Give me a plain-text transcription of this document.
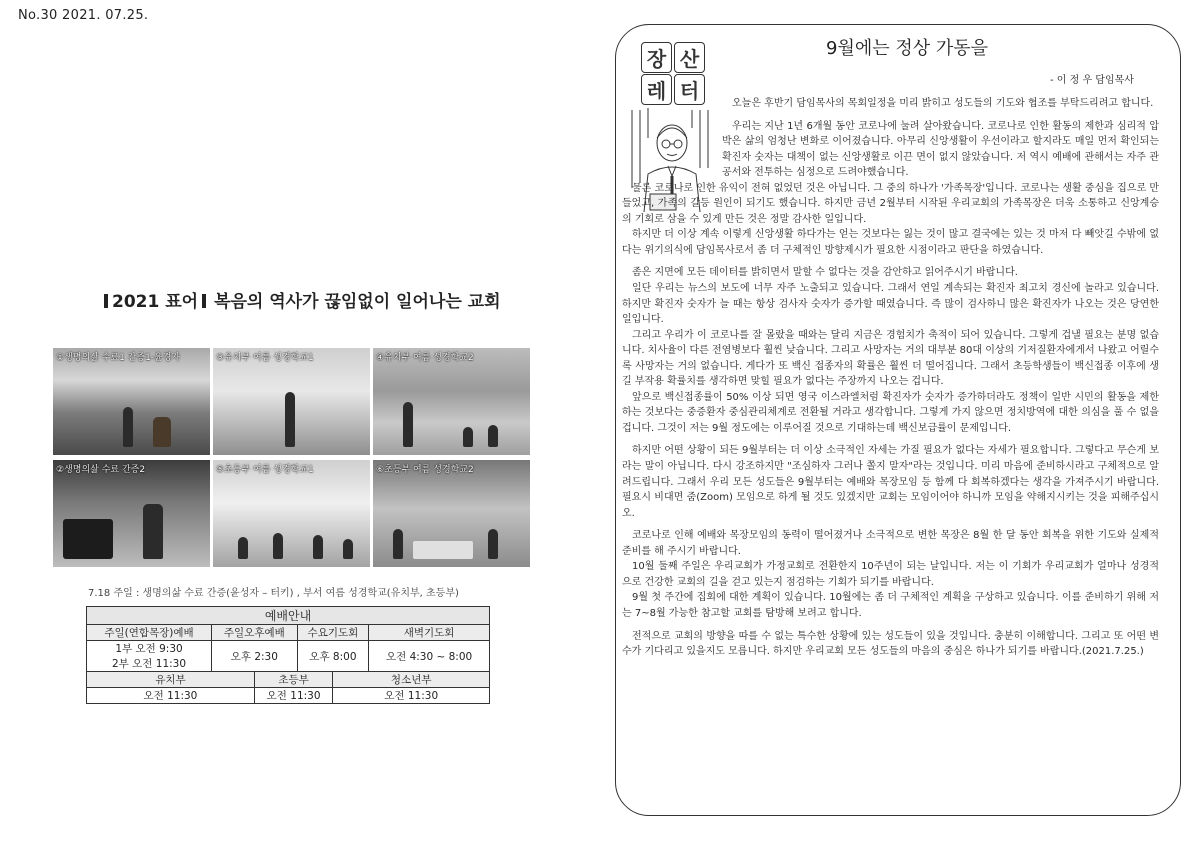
No.30 2021. 07.25.
2021 표어 복음의 역사가 끊임없이 일어나는 교회
①생명의삶 수료1 간증1-윤경자	③유치부 여름 성경학교1	④유치부 여름 성경학교2
②생명의삶 수료 간증2	⑤초등부 여름 성경학교1	⑥초등부 여름 성경학교2
7.18 주일 : 생명의삶 수료 간증(윤성자 – 터키) , 부서 여름 성경학교(유치부, 초등부)
예배안내					
주일(연합목장)예배	주일오후예배		수요기도회		새벽기도회

1부 오전 9:30
2부 오전 11:30	오후 2:30		오후 8:00		오전 4:30 ~ 8:00
유치부		초등부		청소년부	
오전 11:30		오전 11:30		오전 11:30	
장 산
레 터
9월에는 정상 가동을
- 이 정 우 담임목사

오늘은 후반기 담임목사의 목회일정을 미리 밝히고 성도들의 기도와 협조를 부탁드리려고 합니다.

우리는 지난 1년 6개월 동안 코로나에 눌려 살아왔습니다. 코로나로 인한 활동의 제한과 심리적 압박은 삶의 엄청난 변화로 이어졌습니다. 아무리 신앙생활이 우선이라고 할지라도 매일 먼저 확인되는 확진자 숫자는 대책이 없는 신앙생활로 이끈 면이 없지 않았습니다. 저 역시 예배에 관해서는 자주 관공서와 전투하는 심정으로 드려야했습니다.

물론 코로나로 인한 유익이 전혀 없었던 것은 아닙니다. 그 중의 하나가 '가족목장'입니다. 코로나는 생활 중심을 집으로 만들었고, 가족의 갈등 원인이 되기도 했습니다. 하지만 금년 2월부터 시작된 우리교회의 가족목장은 더욱 소통하고 신앙계승의 기회로 삼을 수 있게 만든 것은 정말 감사한 일입니다.

하지만 더 이상 계속 이렇게 신앙생활 하다가는 얻는 것보다는 잃는 것이 많고 결국에는 있는 것 마저 다 빼앗길 수밖에 없다는 위기의식에 담임목사로서 좀 더 구체적인 방향제시가 필요한 시점이라고 판단을 하였습니다.

좀은 지면에 모든 데이터를 밝히면서 말할 수 없다는 것을 감안하고 읽어주시기 바랍니다.

일단 우리는 뉴스의 보도에 너무 자주 노출되고 있습니다. 그래서 연일 계속되는 확진자 최고치 경신에 놀라고 있습니다. 하지만 확진자 숫자가 늘 때는 항상 검사자 숫자가 증가할 때였습니다. 즉 많이 검사하니 많은 확진자가 나오는 것은 당연한 일입니다.

그리고 우리가 이 코로나를 잘 몰랐을 때와는 달리 지금은 경험치가 축적이 되어 있습니다. 그렇게 겁낼 필요는 분명 없습니다. 치사율이 다른 전염병보다 훨씬 낮습니다. 그리고 사망자는 거의 대부분 80대 이상의 기저질환자에게서 나왔고 어릴수록 사망자는 거의 없습니다. 게다가 또 백신 접종자의 확률은 훨씬 더 떨어집니다. 그래서 초등학생들이 백신접종 이후에 생길 부작용 확률치를 생각하면 맞힐 필요가 없다는 주장까지 나오는 겁니다.

앞으로 백신접종률이 50% 이상 되면 영국 이스라엘처럼 확진자가 숫자가 증가하더라도 정책이 일반 시민의 활동을 제한하는 것보다는 중증환자 중심관리체계로 전환될 거라고 생각합니다. 그렇게 가지 않으면 정치방역에 대한 의심을 풀 수 없을 겁니다. 그것이 저는 9월 정도에는 이루어질 것으로 기대하는데 백신보급률이 문제입니다.

하지만 어떤 상황이 되든 9월부터는 더 이상 소극적인 자세는 가질 필요가 없다는 자세가 필요합니다. 그렇다고 무슨게 보라는 말이 아닙니다. 다시 강조하지만 "조심하자 그러나 쫄지 말자"라는 것입니다. 미리 마음에 준비하시라고 구체적으로 알려드립니다. 그래서 우리 모든 성도들은 9월부터는 예배와 목장모임 등 함께 다 회복하겠다는 생각을 가져주시기 바랍니다. 필요시 비대면 줌(Zoom) 모임으로 하게 될 것도 있겠지만 교회는 모임이어야 하니까 모임을 약해지시키는 것을 피해주십시오.

코로나로 인해 예배와 목장모임의 동력이 떨어졌거나 소극적으로 변한 목장은 8월 한 달 동안 회복을 위한 기도와 실제적 준비를 해 주시기 바랍니다.

10월 둘째 주일은 우리교회가 가정교회로 전환한지 10주년이 되는 날입니다. 저는 이 기회가 우리교회가 얼마나 성경적으로 건강한 교회의 길을 걷고 있는지 점검하는 기회가 되기를 바랍니다.

9월 첫 주간에 집회에 대한 계획이 있습니다. 10월에는 좀 더 구체적인 계획을 구상하고 있습니다. 이를 준비하기 위해 저는 7~8월 가능한 참고할 교회를 탐방해 보려고 합니다.

전적으로 교회의 방향을 따를 수 없는 특수한 상황에 있는 성도들이 있을 것입니다. 충분히 이해합니다. 그리고 또 어떤 변수가 기다리고 있을지도 모릅니다. 하지만 우리교회 모든 성도들의 마음의 중심은 하나가 되기를 바랍니다.(2021.7.25.)
